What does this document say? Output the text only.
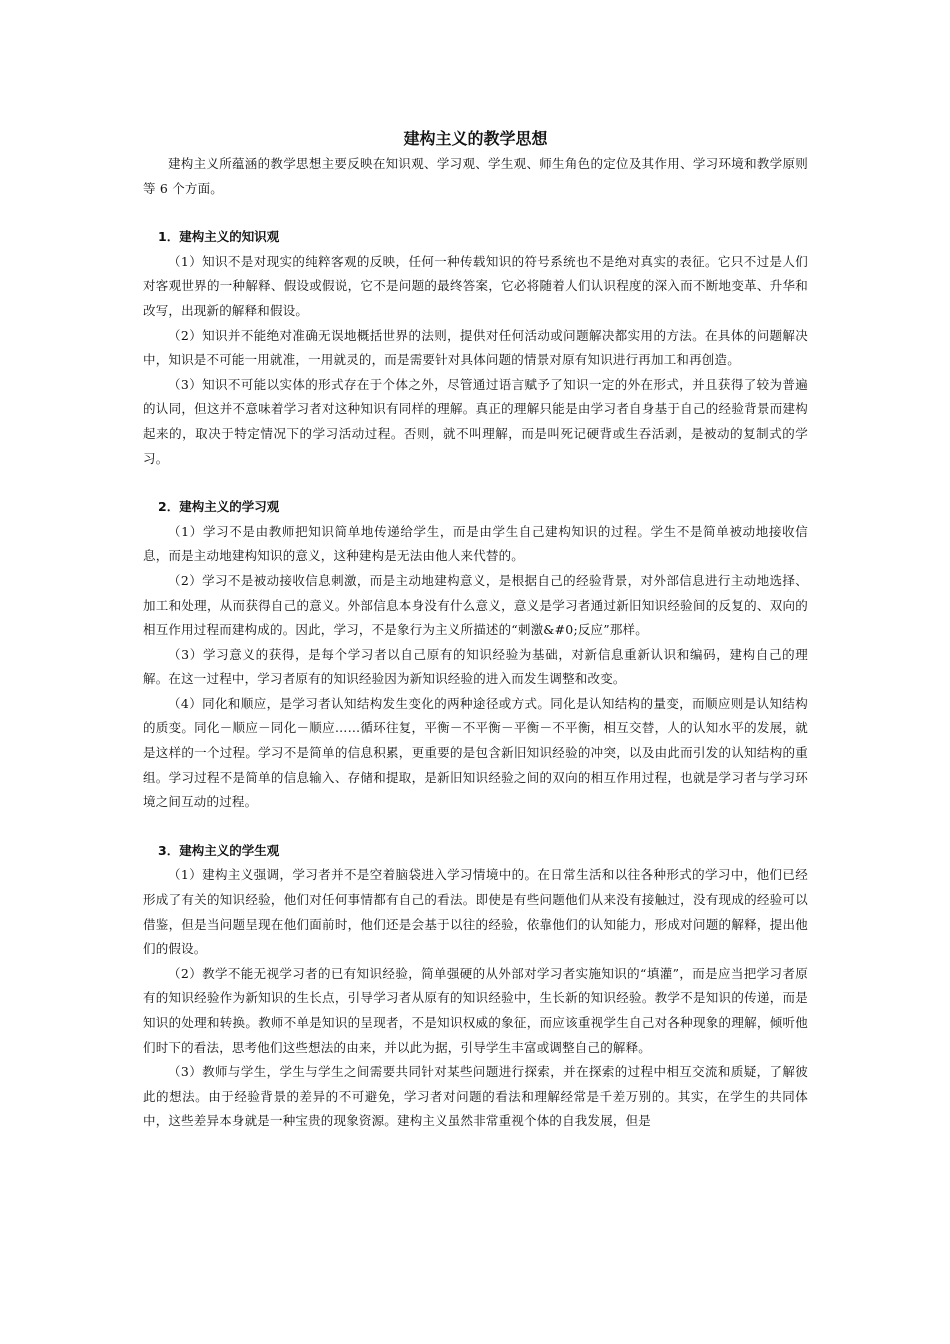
建构主义的教学思想

建构主义所蕴涵的教学思想主要反映在知识观、学习观、学生观、师生角色的定位及其作用、学习环境和教学原则等 6 个方面。

1．建构主义的知识观

（1）知识不是对现实的纯粹客观的反映，任何一种传载知识的符号系统也不是绝对真实的表征。它只不过是人们对客观世界的一种解释、假设或假说，它不是问题的最终答案，它必将随着人们认识程度的深入而不断地变革、升华和改写，出现新的解释和假设。

（2）知识并不能绝对准确无误地概括世界的法则，提供对任何活动或问题解决都实用的方法。在具体的问题解决中，知识是不可能一用就准，一用就灵的，而是需要针对具体问题的情景对原有知识进行再加工和再创造。

（3）知识不可能以实体的形式存在于个体之外，尽管通过语言赋予了知识一定的外在形式，并且获得了较为普遍的认同，但这并不意味着学习者对这种知识有同样的理解。真正的理解只能是由学习者自身基于自己的经验背景而建构起来的，取决于特定情况下的学习活动过程。否则，就不叫理解，而是叫死记硬背或生吞活剥，是被动的复制式的学习。

2．建构主义的学习观

（1）学习不是由教师把知识简单地传递给学生，而是由学生自己建构知识的过程。学生不是简单被动地接收信息，而是主动地建构知识的意义，这种建构是无法由他人来代替的。

（2）学习不是被动接收信息刺激，而是主动地建构意义，是根据自己的经验背景，对外部信息进行主动地选择、加工和处理，从而获得自己的意义。外部信息本身没有什么意义，意义是学习者通过新旧知识经验间的反复的、双向的相互作用过程而建构成的。因此，学习，不是象行为主义所描述的“刺激&#0;反应”那样。

（3）学习意义的获得，是每个学习者以自己原有的知识经验为基础，对新信息重新认识和编码，建构自己的理解。在这一过程中，学习者原有的知识经验因为新知识经验的进入而发生调整和改变。

（4）同化和顺应，是学习者认知结构发生变化的两种途径或方式。同化是认知结构的量变，而顺应则是认知结构的质变。同化－顺应－同化－顺应……循环往复，平衡－不平衡－平衡－不平衡，相互交替，人的认知水平的发展，就是这样的一个过程。学习不是简单的信息积累，更重要的是包含新旧知识经验的冲突，以及由此而引发的认知结构的重组。学习过程不是简单的信息输入、存储和提取，是新旧知识经验之间的双向的相互作用过程，也就是学习者与学习环境之间互动的过程。

3．建构主义的学生观

（1）建构主义强调，学习者并不是空着脑袋进入学习情境中的。在日常生活和以往各种形式的学习中，他们已经形成了有关的知识经验，他们对任何事情都有自己的看法。即使是有些问题他们从来没有接触过，没有现成的经验可以借鉴，但是当问题呈现在他们面前时，他们还是会基于以往的经验，依靠他们的认知能力，形成对问题的解释，提出他们的假设。

（2）教学不能无视学习者的已有知识经验，简单强硬的从外部对学习者实施知识的“填灌”，而是应当把学习者原有的知识经验作为新知识的生长点，引导学习者从原有的知识经验中，生长新的知识经验。教学不是知识的传递，而是知识的处理和转换。教师不单是知识的呈现者，不是知识权威的象征，而应该重视学生自己对各种现象的理解，倾听他们时下的看法，思考他们这些想法的由来，并以此为据，引导学生丰富或调整自己的解释。

（3）教师与学生，学生与学生之间需要共同针对某些问题进行探索，并在探索的过程中相互交流和质疑，了解彼此的想法。由于经验背景的差异的不可避免，学习者对问题的看法和理解经常是千差万别的。其实，在学生的共同体中，这些差异本身就是一种宝贵的现象资源。建构主义虽然非常重视个体的自我发展，但是
